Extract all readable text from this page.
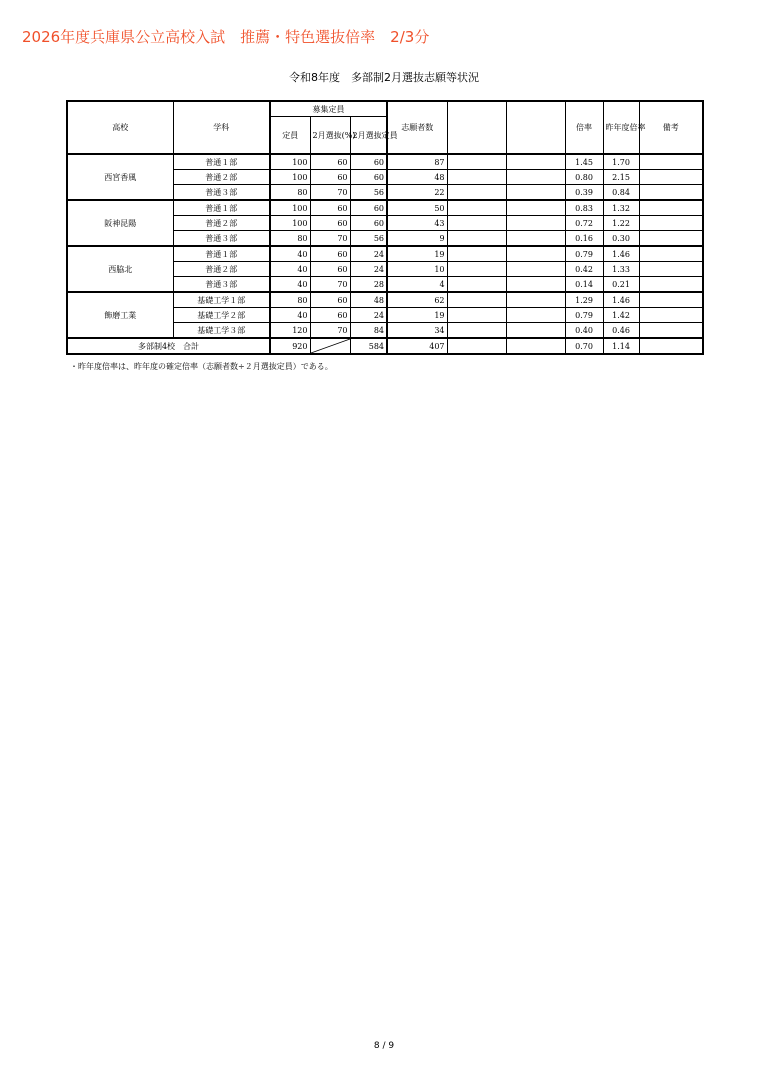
2026年度兵庫県公立高校入試　推薦・特色選抜倍率　2/3分
令和8年度　多部制2月選抜志願等状況
高校	学科	募集定員			志願者数			倍率	昨年度倍率	備考
		定員	2月選抜(%)	2月選抜定員						
西宮香風	普通１部	100	60	60	87			1.45	1.70	
	普通２部	100	60	60	48			0.80	2.15	
	普通３部	80	70	56	22			0.39	0.84	
阪神昆陽	普通１部	100	60	60	50			0.83	1.32	
	普通２部	100	60	60	43			0.72	1.22	
	普通３部	80	70	56	9			0.16	0.30	
西脇北	普通１部	40	60	24	19			0.79	1.46	
	普通２部	40	60	24	10			0.42	1.33	
	普通３部	40	70	28	4			0.14	0.21	
飾磨工業	基礎工学１部	80	60	48	62			1.29	1.46	
	基礎工学２部	40	60	24	19			0.79	1.42	
	基礎工学３部	120	70	84	34			0.40	0.46	
多部制4校　合計		920		584	407			0.70	1.14	
・昨年度倍率は、昨年度の確定倍率（志願者数÷２月選抜定員）である。
8 / 9
